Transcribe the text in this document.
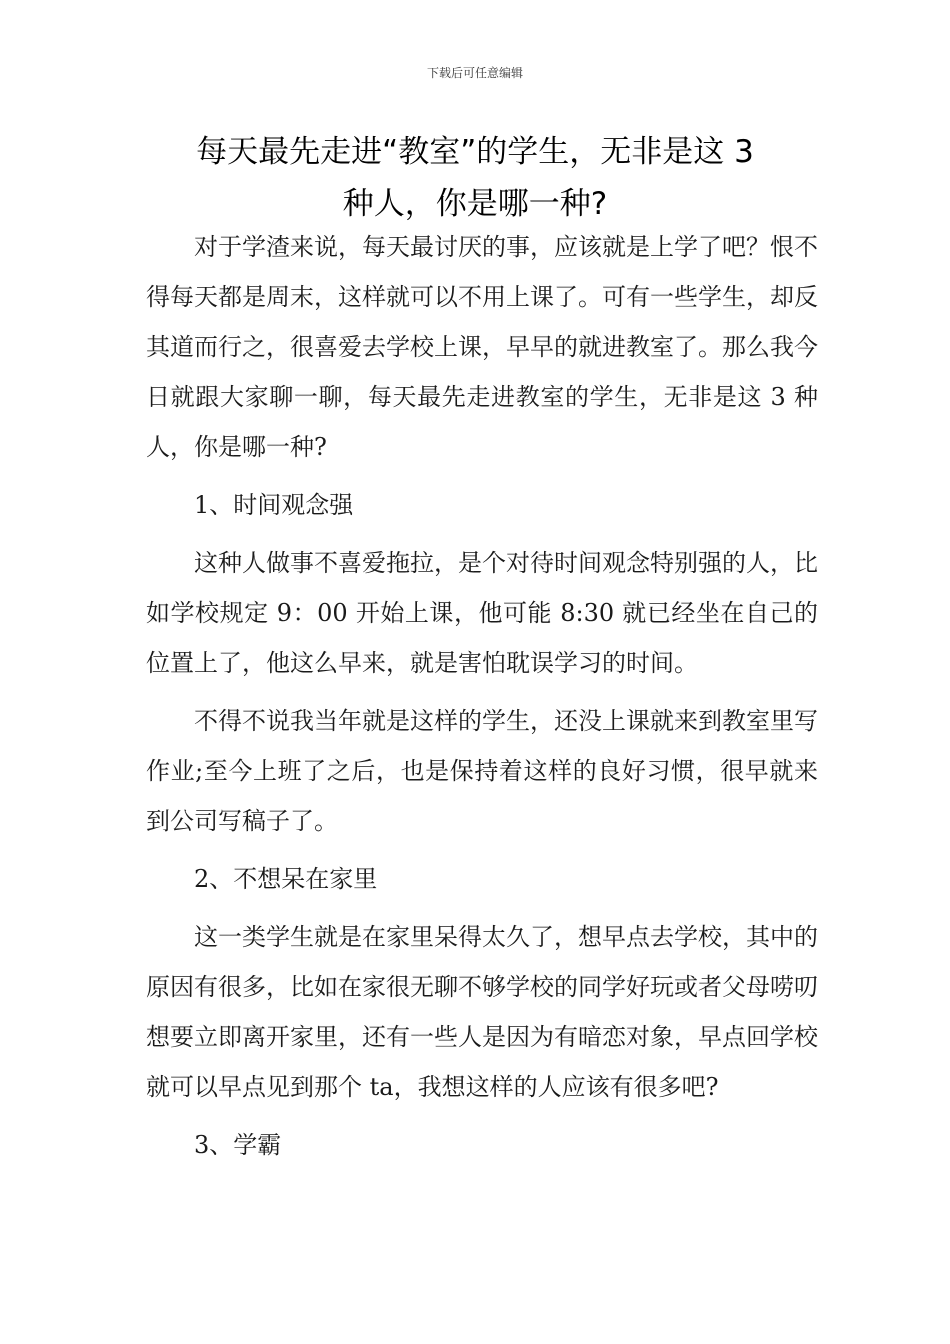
下载后可任意编辑
每天最先走进“教室”的学生，无非是这 3
种人，你是哪一种?

对于学渣来说，每天最讨厌的事，应该就是上学了吧？恨不得每天都是周末，这样就可以不用上课了。可有一些学生，却反其道而行之，很喜爱去学校上课，早早的就进教室了。那么我今日就跟大家聊一聊，每天最先走进教室的学生，无非是这 3 种人，你是哪一种?

1、时间观念强

这种人做事不喜爱拖拉，是个对待时间观念特别强的人，比如学校规定 9：00 开始上课，他可能 8:30 就已经坐在自己的位置上了，他这么早来，就是害怕耽误学习的时间。

不得不说我当年就是这样的学生，还没上课就来到教室里写作业;至今上班了之后，也是保持着这样的良好习惯，很早就来到公司写稿子了。

2、不想呆在家里

这一类学生就是在家里呆得太久了，想早点去学校，其中的原因有很多，比如在家很无聊不够学校的同学好玩或者父母唠叨想要立即离开家里，还有一些人是因为有暗恋对象，早点回学校就可以早点见到那个 ta，我想这样的人应该有很多吧?

3、学霸
